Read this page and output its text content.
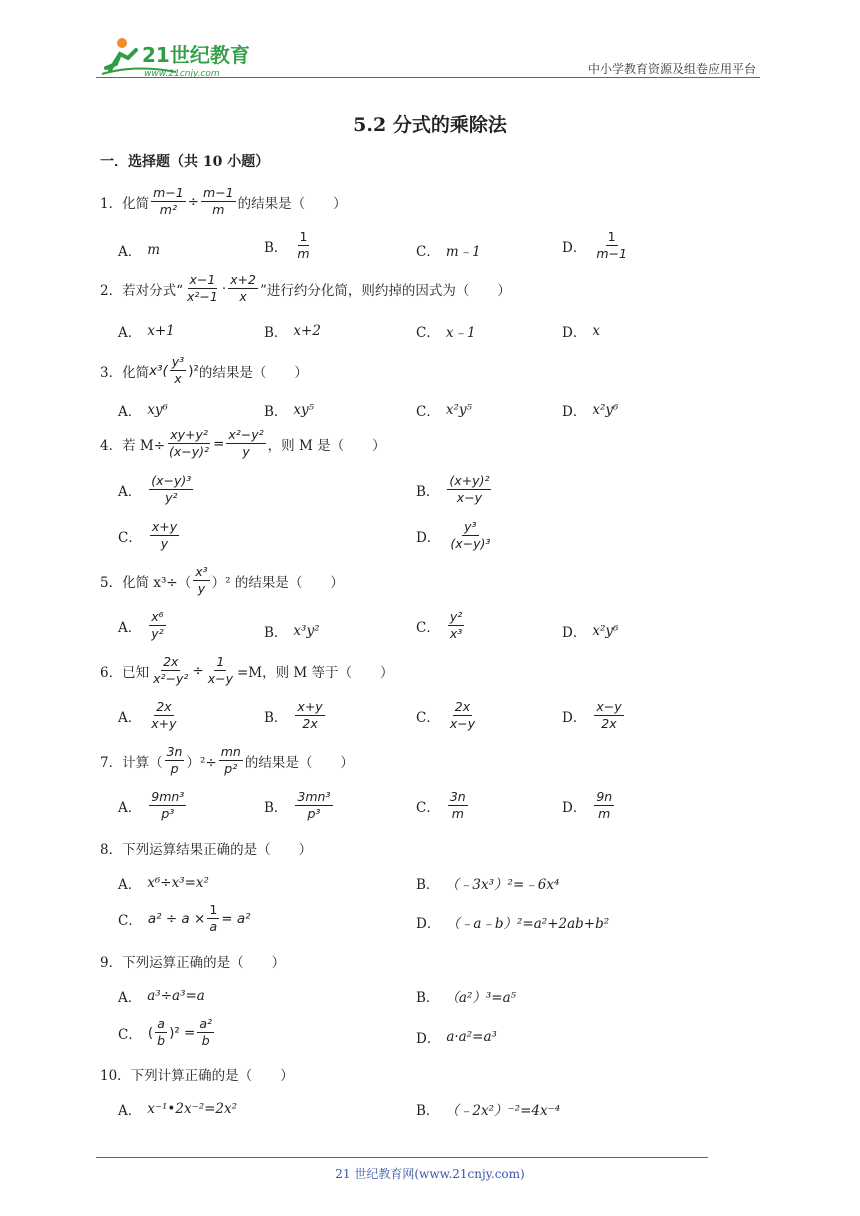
21世纪教育
www.21cnjy.com	中小学教育资源及组卷应用平台
5.2 分式的乘除法
一．选择题（共 10 小题）
1．化简 $\frac{m-1}{\text{m²}} \div \frac{m-1}{m}$ 的结果是（ ）
A． m	B． $\frac{1}{m}$	C． m﹣1	D． $\frac{1}{m-1}$
2．若对分式“ $\frac{x-1}{\text{x²−1}} \cdot \frac{x+2}{x}$ ”进行约分化简，则约掉的因式为（ ）
A． x+1	B． x+2	C． x﹣1	D． x
3．化简 $x^3( \frac{\text{y³}}{x} )^2$ 的结果是（ ）
A． xy⁶	B． xy⁵	C． x²y⁵	D． x²y⁶
4．若 $M\div \frac{\text{xy+y²}}{\text{(x−y)²}} = \frac{\text{x²−y²}}{y}$ ，则 M 是（ ）
A． $\frac{\text{(x−y)³}}{\text{y²}}$	B． $\frac{\text{(x+y)²}}{x-y}$
C． $\frac{x+y}{y}$	D． $\frac{\text{y³}}{\text{(x−y)³}}$
5．化简 $x^3\div( \frac{\text{x³}}{y} )^2$ 的结果是（ ）
A． $\frac{\text{x⁶}}{\text{y²}}$	B． x³y²	C． $\frac{\text{y²}}{\text{x³}}$	D． x²y⁶
6．已知 $\frac{2x}{\text{x²−y²}} \div \frac{1}{x-y} =M$，则 M 等于（ ）
A． $\frac{2x}{x+y}$	B． $\frac{x+y}{2x}$	C． $\frac{2x}{x-y}$	D． $\frac{x-y}{2x}$
7．计算（ $\frac{3n}{p} )^2\div \frac{mn}{\text{p²}}$ 的结果是（ ）
A． $\frac{\text{9mn³}}{\text{p³}}$	B． $\frac{\text{3mn³}}{\text{p³}}$	C． $\frac{3n}{m}$	D． $\frac{9n}{m}$
8．下列运算结果正确的是（ ）
A． x⁶÷x³=x²	B． （﹣3x³）²=﹣6x⁴
C． $a^2 \div a \times \frac{1}{a} = a^2$	D． （﹣a﹣b）²=a²+2ab+b²
9．下列运算正确的是（ ）
A． a³÷a³=a	B． （a²）³=a⁵
C． ( $\frac{a}{b} )^2 = \frac{\text{a²}}{b}$	D． a·a²=a³
10．下列计算正确的是（ ）
A． x⁻¹•2x⁻²=2x²	B． （﹣2x²）⁻²=4x⁻⁴
21 世纪教育网(www.21cnjy.com)
